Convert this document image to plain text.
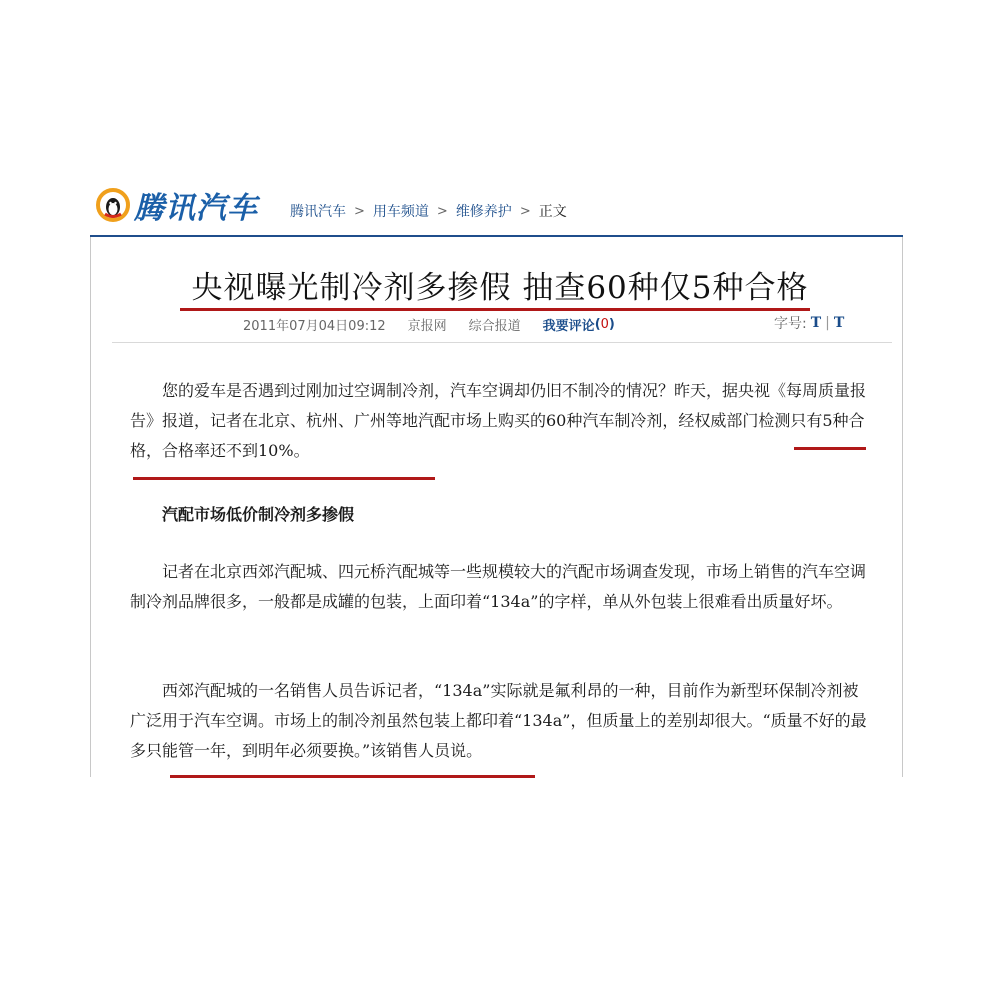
腾讯汽车 腾讯汽车 > 用车频道 > 维修养护 > 正文
央视曝光制冷剂多掺假 抽查60种仅5种合格
2011年07月04日09:12 京报网 综合报道 我要评论 ( 0 )	字号: T | T

您的爱车是否遇到过刚加过空调制冷剂，汽车空调却仍旧不制冷的情况？昨天，据央视《每周质量报告》报道，记者在北京、杭州、广州等地汽配市场上购买的60种汽车制冷剂，经权威部门检测只有5种合格，合格率还不到10%。

汽配市场低价制冷剂多掺假

记者在北京西郊汽配城、四元桥汽配城等一些规模较大的汽配市场调查发现，市场上销售的汽车空调制冷剂品牌很多，一般都是成罐的包装，上面印着“134a”的字样，单从外包装上很难看出质量好坏。

西郊汽配城的一名销售人员告诉记者，“134a”实际就是氟利昂的一种，目前作为新型环保制冷剂被广泛用于汽车空调。市场上的制冷剂虽然包装上都印着“134a”，但质量上的差别却很大。“质量不好的最多只能管一年，到明年必须要换。”该销售人员说。
